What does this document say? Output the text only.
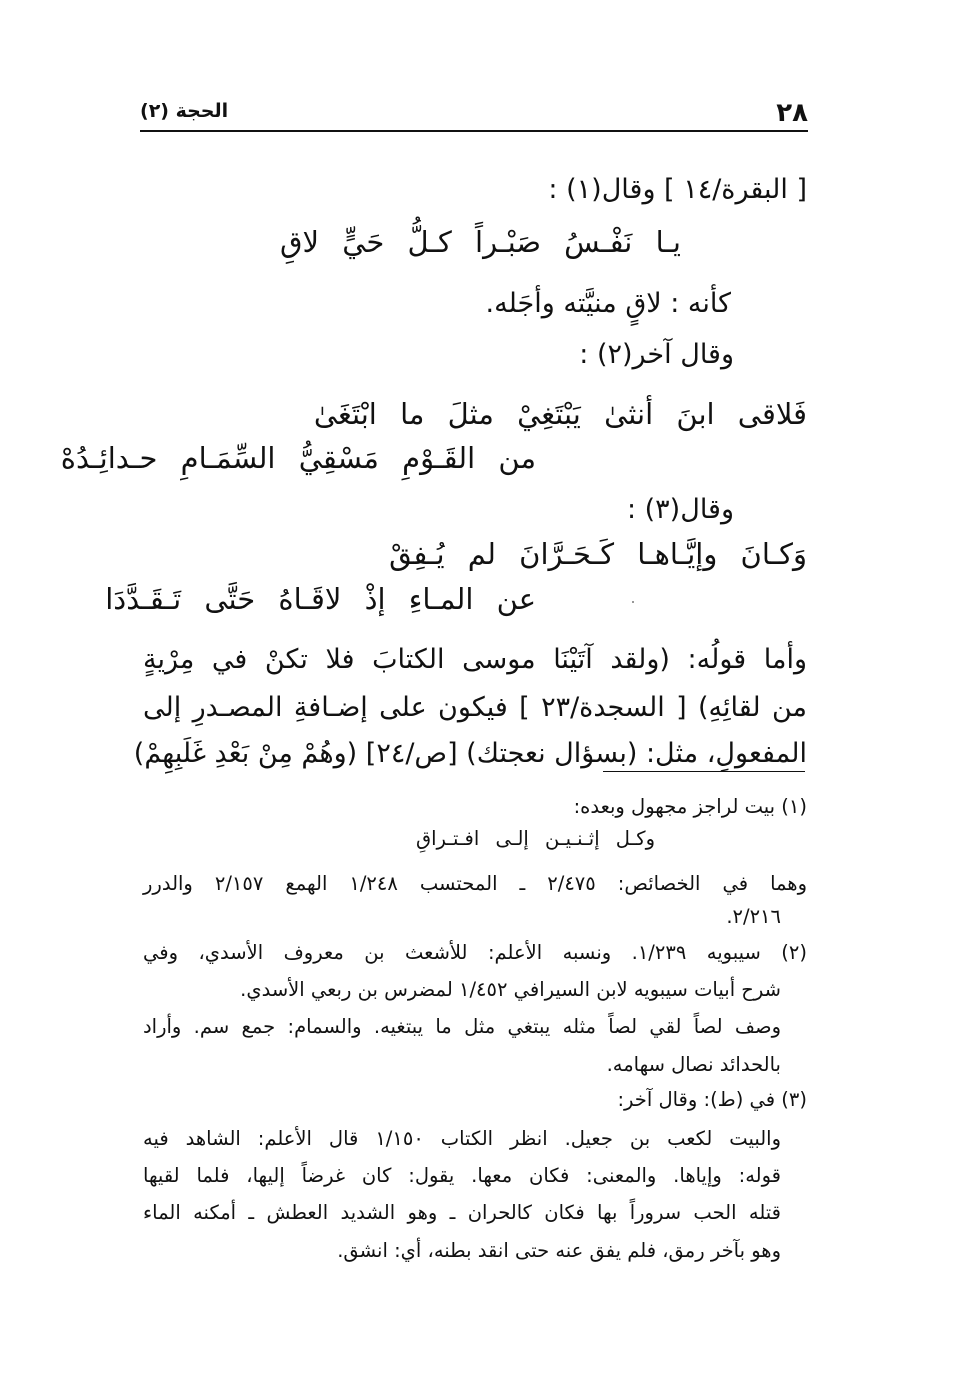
٢٨
الحجة (٢)
[ البقرة/١٤ ] وقال(١) :
يـا نَفْـسُ صَبْـراً كـلُّ حَيٍّ لاقِ
كأنه : لاقٍ منيَّته وأجَله.
وقال آخر(٢) :
فَلاقى ابنَ أنثىٰ يَبْتَغِيْ مثلَ ما ابْتَغَىٰ
من القَـوْمِ مَسْقِيُّ السِّمَـامِ حـدائِـدُهْ
وقال(٣) :
وَكـانَ وإيَّـاهـا كَـحَـرَّانَ لم يُـفِقْ
عن المـاءِ إذْ لاقَـاهُ حَتَّى تَـقَـدَّدَا
وأما قولُه: (ولقد آتَيْنَا موسى الكتابَ فلا تكنْ في مِرْيةٍ
من لقائِهِ) [ السجدة/٢٣ ] فيكون على إضـافةِ المصـدرِ إلى
المفعولِ، مثل: (بسؤال نعجتك) [ص/٢٤] (وهُمْ مِنْ بَعْدِ غَلَبِهِمْ)
(١) بيت لراجز مجهول وبعده:
وكـل إثـنـيـن إلـى افـتـراقِ
وهما في الخصائص: ٢/٤٧٥ ـ المحتسب ١/٢٤٨ الهمع ٢/١٥٧ والدرر
٢/٢١٦.
(٢) سيبويه ١/٢٣٩. ونسبه الأعلم: للأشعث بن معروف الأسدي، وفي
شرح أبيات سيبويه لابن السيرافي ١/٤٥٢ لمضرس بن ربعي الأسدي.
وصف لصاً لقي لصاً مثله يبتغي مثل ما يبتغيه. والسمام: جمع سم. وأراد
بالحدائد نصال سهامه.
(٣) في (ط): وقال آخر:
والبيت لكعب بن جعيل. انظر الكتاب ١/١٥٠ قال الأعلم: الشاهد فيه
قوله: وإياها. والمعنى: فكان معها. يقول: كان غرضاً إليها، فلما لقيها
قتله الحب سروراً بها فكان كالحران ـ وهو الشديد العطش ـ أمكنه الماء
وهو بآخر رمق، فلم يفق عنه حتى انقد بطنه، أي: انشق.
